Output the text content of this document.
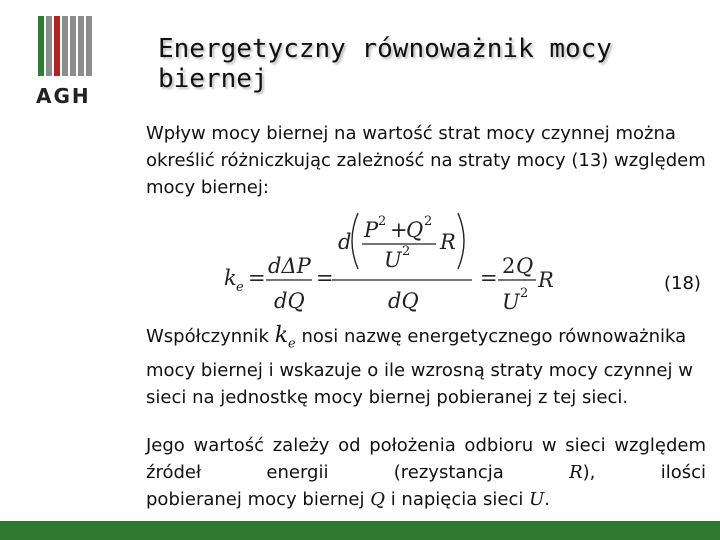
AGH
Energetyczny równoważnik mocy biernej
Wpływ mocy biernej na wartość strat mocy czynnej można określić różniczkując zależność na straty mocy (13) względem mocy biernej:
k e = dΔP
dQ
=
d P 2 +
Q 2
U 2 R
dQ
= 2 Q
U 2
R	(18)
Współczynnik $k_e$ nosi nazwę energetycznego równoważnika mocy biernej i wskazuje o ile wzrosną straty mocy czynnej w sieci na jednostkę mocy biernej pobieranej z tej sieci.
Jego wartość zależy od położenia odbioru w sieci względem źródeł energii (rezystancja	R), ilości
pobieranej mocy biernej Q i napięcia sieci U.
